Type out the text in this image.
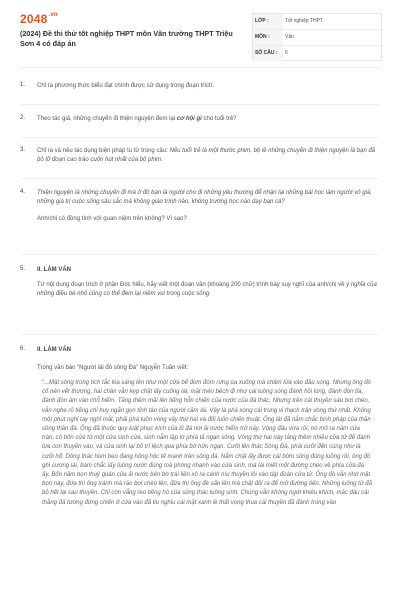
$2048^{.vn}$
(2024) Đề thi thử tốt nghiệp THPT môn Văn trường THPT Triệu Sơn 4 có đáp án
LỚP :	Tốt nghiệp THPT
MÔN :	Văn
SỐ CÂU :	6
1. Chỉ ra phương thức biểu đạt chính được sử dụng trong đoạn trích.
2. Theo tác giả, những chuyến đi thiện nguyện đem lại cơ hội gì cho tuổi trẻ?
3. Chỉ ra và nêu tác dụng biện pháp tu từ trong câu: Nếu tuổi trẻ là một thước phim, bộ lề những chuyến đi thiện nguyện là bạn đã bỏ lỡ đoạn cao trào cuốn hút nhất của bộ phim.
4. Thiện nguyện là những chuyến đi mà ở đó bạn là người cho đi những yêu thương để nhận lại những bài học làm người vô giá, những giá trị cuộc sống sâu sắc mà không giáo trình nào, không trường học nào dạy bạn cả?
Anh/chị có đồng tình với quan niệm trên không? Vì sao?
5. II. LÀM VĂN
Từ nội dung đoạn trích ở phần Đọc hiểu, hãy viết một đoạn văn (khoảng 200 chữ) trình bày suy nghĩ của anh/chị về ý nghĩa của những điều bé nhỏ cũng có thể đem lại niềm vui trong cuộc sống.
6. II. LÀM VĂN
Trong văn bản “Người lái đò sông Đà” Nguyễn Tuân viết:
“...Mặt sông trong tích tắc lóa sáng lên như một cửa bể đom đóm rừng ùa xuống mà châm lửa vào đầu sóng. Nhưng ông đò cố nén vết thương, hai chân vẫn kẹp chặt lấy cuống lái, mặt méo bệch đi như cái luồng sóng đánh hồi lùng, đánh đòn tỉa, đánh đòn âm vào chỗ hiểm. Tăng thêm mãi lên tiếng hỗn chiến của nước của đá thác. Nhưng trên cái thuyền sáu bơi chèo, vẫn nghe rõ tiếng chỉ huy ngắn gọn tỉnh táo của người cầm lái. Vậy là phá xong cái trùng vi thạch trận vòng thứ nhất. Không một phút nghỉ tay nghỉ mắt, phải phá luôn vòng vây thứ hai và đổi luôn chiến thuật. Ông lái đã nắm chắc binh pháp của thần sông thần đá. Ông đã thuộc quy luật phục kích của lũ đá nơi ải nước hiểm trở này. Vòng đầu vừa rồi, nó mở ra năm cửa trận, có bốn cửa tử một cửa sinh cửa, sinh nằm lập lờ phía tả ngạn sông. Vòng thứ hai này tăng thêm nhiều cửa tử để đánh lừa con thuyền vào, và cửa sinh lại bố trí lệch qua phía bờ hữu ngạn. Cưỡi lên thác Sông Đà, phải cưỡi đến cùng như là cưỡi hổ. Dòng thác hùm beo đang hồng hộc tế mạnh trên sông đá. Nắm chặt lấy được cái bờm sóng đúng luồng rồi, ông đò ghì cương lái, bám chắc lấy luồng nước đúng mà phóng nhanh vào cửa sinh, mà lái miết một đường chéo về phía cửa đá ấy. Bốn năm bọn thuỷ quân cửa ải nước bên bờ trái liền xô ra cánh níu thuyền lôi vào tập đoàn cửa tử. Ông đò vẫn nhớ mặt bọn này, đứa thì ông tránh mà rảo bơi chèo lên, đứa thì ông đè sấn lên mà chặt đôi ra để mở đường tiến. Những luồng tử đã bỏ hết lại sau thuyền. Chỉ còn vẳng reo tiếng hò của sóng thác luồng sinh. Chúng vẫn không ngớt khiêu khích, mặc dầu cái thằng đá tướng đứng chiến ở cửa vào đã tiu nghỉu cái mặt xanh lè thất vọng thua cái thuyền đã đánh trúng vào
